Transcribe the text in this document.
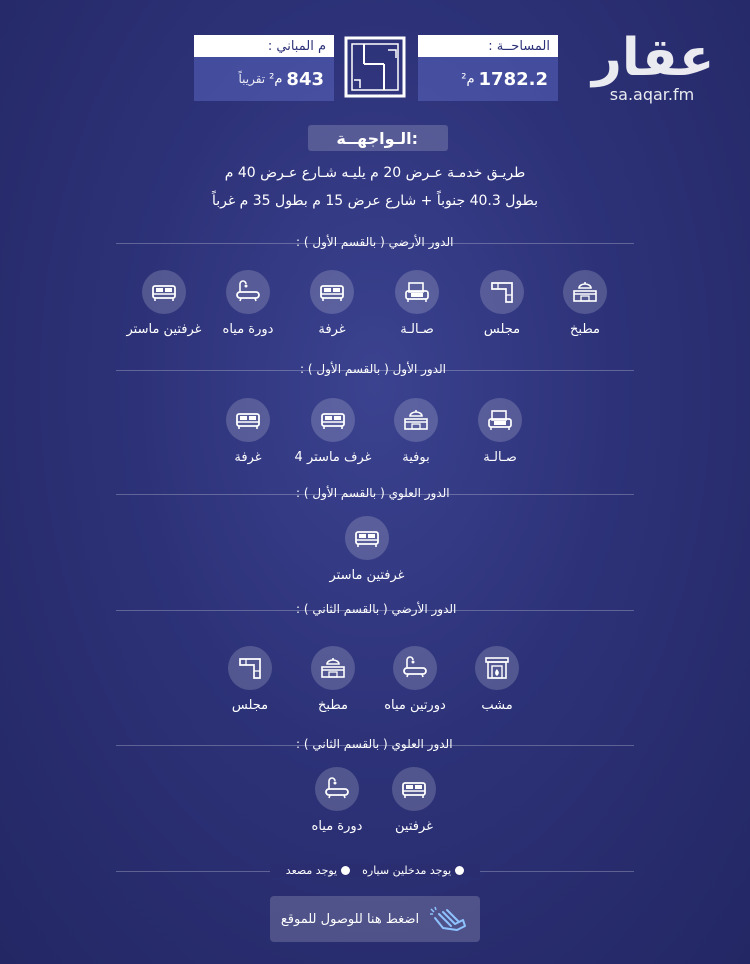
عقار
sa.aqar.fm
المساحــة :
1782.2
م²
م المباني :
843
م²
تقريباً
الـواجهــة:
طريـق خدمـة عـرض 20 م يليـه شـارع عـرض 40 م
بطول 40.3 جنوباً + شارع عرض 15 م بطول 35 م غرباً
الدور الأرضي ( بالقسم الأول ) :
مطبخ
مجلس
صـالـة
غرفة
دورة مياه
غرفتين ماستر
الدور الأول ( بالقسم الأول ) :
صـالـة
بوفية
4 غرف ماستر
غرفة
الدور العلوي ( بالقسم الأول ) :
غرفتين ماستر
الدور الأرضي ( بالقسم الثاني ) :
مشب
دورتين مياه
مطبخ
مجلس
الدور العلوي ( بالقسم الثاني ) :
غرفتين
دورة مياه
يوجد مدخلين سياره
يوجد مصعد
اضغط هنا للوصول للموقع
